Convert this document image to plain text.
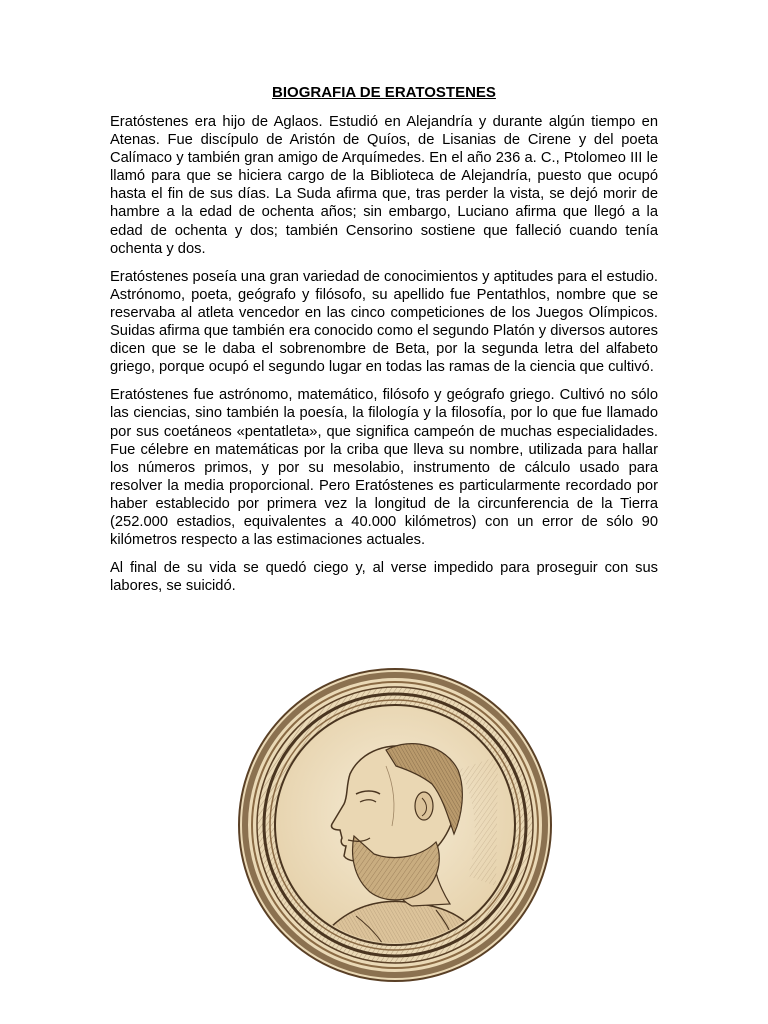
BIOGRAFIA DE ERATOSTENES

Eratóstenes era hijo de Aglaos. Estudió en Alejandría y durante algún tiempo en Atenas. Fue discípulo de Aristón de Quíos, de Lisanias de Cirene y del poeta Calímaco y también gran amigo de Arquímedes. En el año 236 a. C., Ptolomeo III le llamó para que se hiciera cargo de la Biblioteca de Alejandría, puesto que ocupó hasta el fin de sus días. La Suda afirma que, tras perder la vista, se dejó morir de hambre a la edad de ochenta años; sin embargo, Luciano afirma que llegó a la edad de ochenta y dos; también Censorino sostiene que falleció cuando tenía ochenta y dos.

Eratóstenes poseía una gran variedad de conocimientos y aptitudes para el estudio. Astrónomo, poeta, geógrafo y filósofo, su apellido fue Pentathlos, nombre que se reservaba al atleta vencedor en las cinco competiciones de los Juegos Olímpicos. Suidas afirma que también era conocido como el segundo Platón y diversos autores dicen que se le daba el sobrenombre de Beta, por la segunda letra del alfabeto griego, porque ocupó el segundo lugar en todas las ramas de la ciencia que cultivó.

Eratóstenes fue astrónomo, matemático, filósofo y geógrafo griego. Cultivó no sólo las ciencias, sino también la poesía, la filología y la filosofía, por lo que fue llamado por sus coetáneos «pentatleta», que significa campeón de muchas especialidades. Fue célebre en matemáticas por la criba que lleva su nombre, utilizada para hallar los números primos, y por su mesolabio, instrumento de cálculo usado para resolver la media proporcional. Pero Eratóstenes es particularmente recordado por haber establecido por primera vez la longitud de la circunferencia de la Tierra (252.000 estadios, equivalentes a 40.000 kilómetros) con un error de sólo 90 kilómetros respecto a las estimaciones actuales.

Al final de su vida se quedó ciego y, al verse impedido para proseguir con sus labores, se suicidó.
